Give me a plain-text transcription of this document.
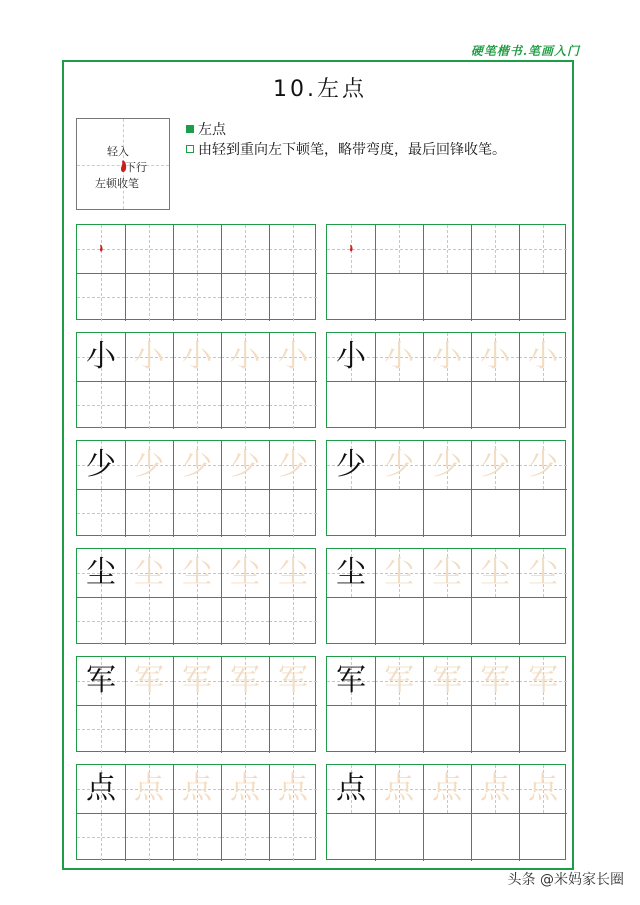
硬笔楷书.笔画入门
10.左点
轻入
下行
左顿收笔
左点
由轻到重向左下顿笔，略带弯度，最后回锋收笔。
小 小 小 小 小 小 小 小 小 小
少 少 少 少 少 少 少 少 少 少
尘 尘 尘 尘 尘 尘 尘 尘 尘 尘
军 军 军 军 军 军 军 军 军 军
点 点 点 点 点 点 点 点 点 点
头条 @米妈家长圈
